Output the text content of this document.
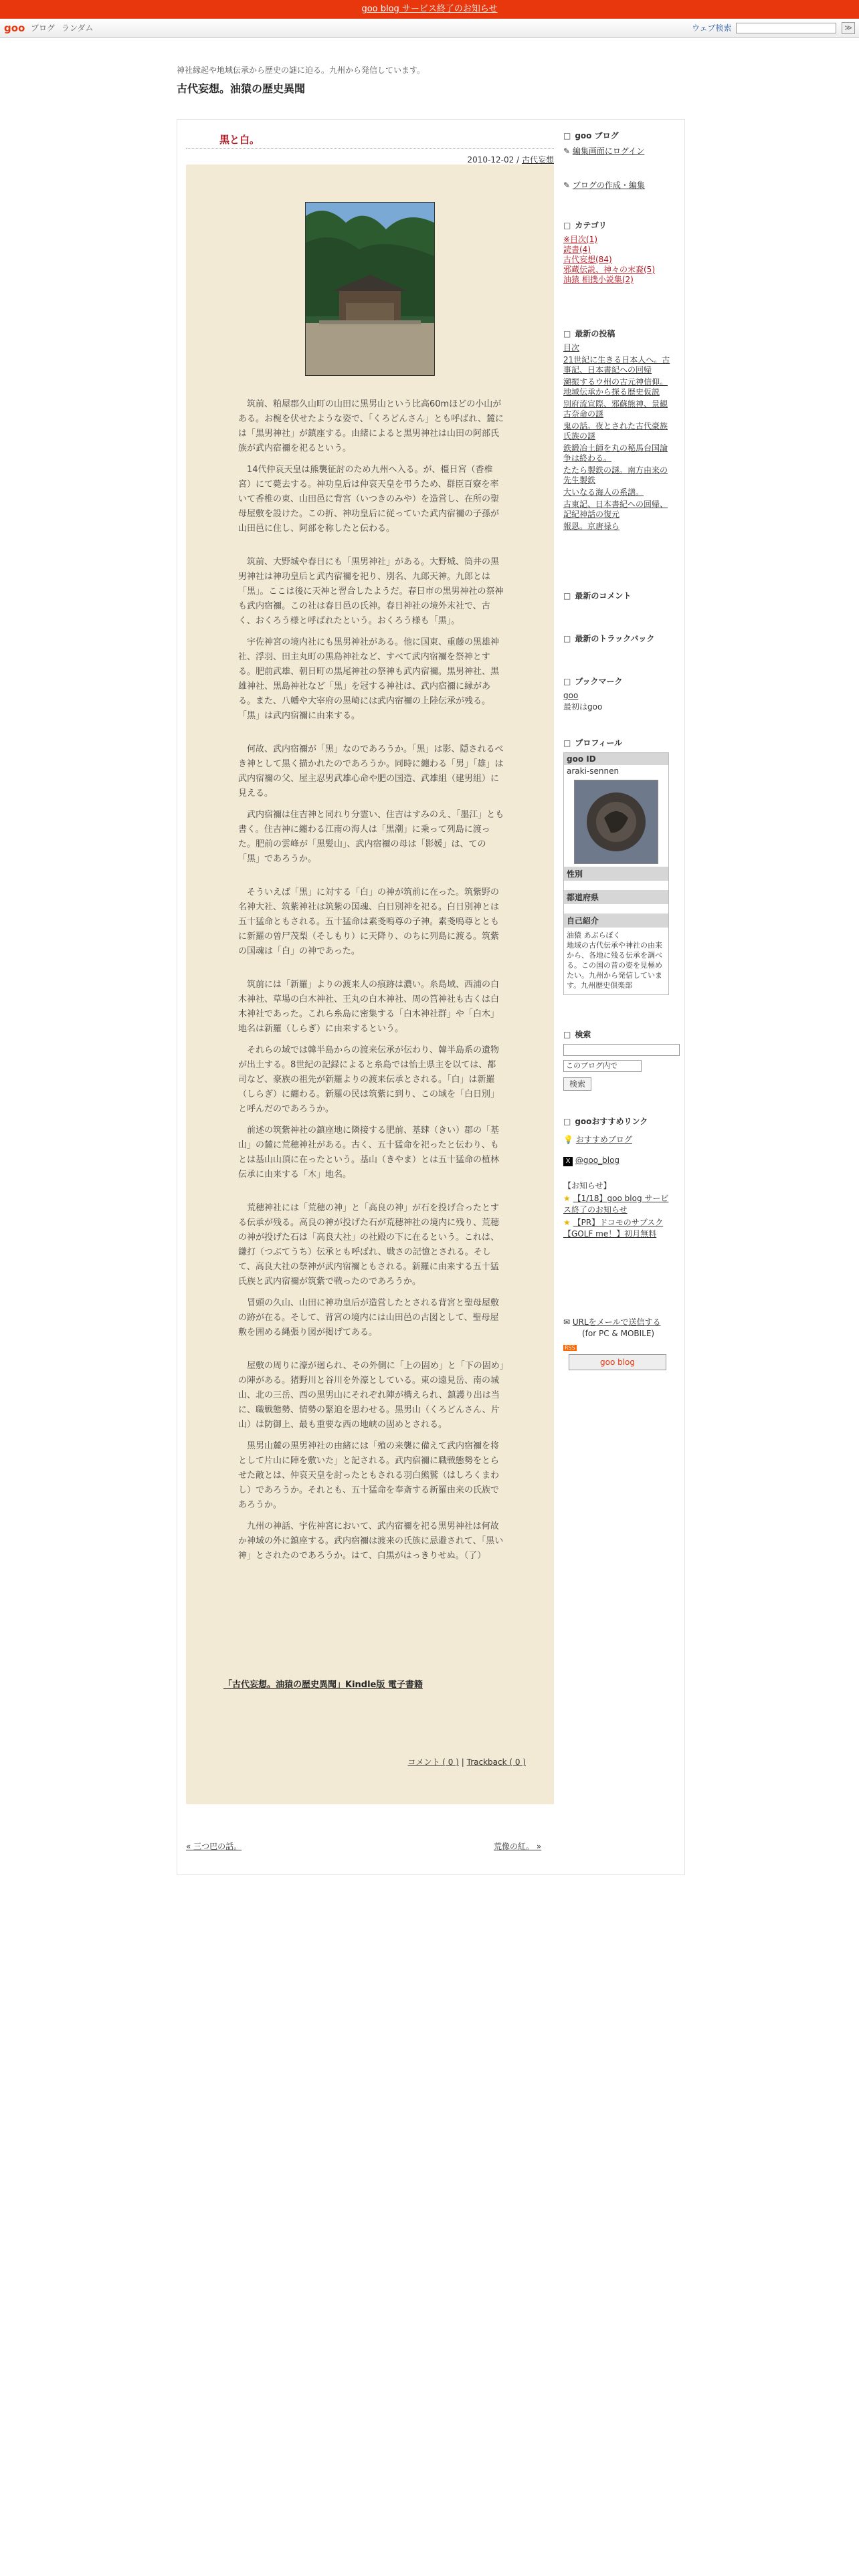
goo blog サービス終了のお知らせ
goo ブログ ランダム	ウェブ検索	≫
神社縁起や地域伝承から歴史の謎に迫る。九州から発信しています。
古代妄想。油猿の歴史異聞
黒と白。
2010-12-02 / 古代妄想

筑前、粕屋郡久山町の山田に黒男山という比高60mほどの小山がある。お椀を伏せたような姿で、「くろどんさん」とも呼ばれ、麓には「黒男神社」が鎮座する。由緒によると黒男神社は山田の阿部氏族が武内宿禰を祀るという。

14代仲哀天皇は熊襲征討のため九州へ入る。が、橿日宮（香椎宮）にて薨去する。神功皇后は仲哀天皇を弔うため、群臣百寮を率いて香椎の東、山田邑に背宮（いつきのみや）を造営し、在所の聖母屋敷を設けた。この折、神功皇后に従っていた武内宿禰の子孫が山田邑に住し、阿部を称したと伝わる。

筑前、大野城や春日にも「黒男神社」がある。大野城、筒井の黒男神社は神功皇后と武内宿禰を祀り、別名、九郎天神。九郎とは「黒」。ここは後に天神と習合したようだ。春日市の黒男神社の祭神も武内宿禰。この社は春日邑の氏神。春日神社の境外末社で、古く、おくろう様と呼ばれたという。おくろう様も「黒」。

宇佐神宮の境内社にも黒男神社がある。他に国東、重藤の黒雄神社、浮羽、田主丸町の黒島神社など、すべて武内宿禰を祭神とする。肥前武雄、朝日町の黒尾神社の祭神も武内宿禰。黒男神社、黒雄神社、黒島神社など「黒」を冠する神社は、武内宿禰に縁がある。また、八幡や大宰府の黒崎には武内宿禰の上陸伝承が残る。「黒」は武内宿禰に由来する。

何故、武内宿禰が「黒」なのであろうか。「黒」は影、隠されるべき神として黒く描かれたのであろうか。同時に纏わる「男」「雄」は武内宿禰の父、屋主忍男武雄心命や肥の国造、武雄組（建男組）に見える。

武内宿禰は住吉神と同れり分霊い、住吉はすみのえ、「墨江」とも書く。住吉神に纏わる江南の海人は「黒潮」に乗って列島に渡った。肥前の雲峰が「黒髪山」、武内宿禰の母は「影媛」は、ての「黒」であろうか。

そういえば「黒」に対する「白」の神が筑前に在った。筑紫野の名神大社、筑紫神社は筑紫の国魂、白日別神を祀る。白日別神とは五十猛命ともされる。五十猛命は素戔鳴尊の子神。素戔鳴尊とともに新羅の曽尸茂梨（そしもり）に天降り、のちに列島に渡る。筑紫の国魂は「白」の神であった。

筑前には「新羅」よりの渡来人の痕跡は濃い。糸島域、西浦の白木神社、草場の白木神社、王丸の白木神社、周の筥神社も古くは白木神社であった。これら糸島に密集する「白木神社群」や「白木」地名は新羅（しらぎ）に由来するという。

それらの域では韓半島からの渡来伝承が伝わり、韓半島系の遺物が出土する。8世紀の記録によると糸島では怡土県主を以ては、都司など、豪族の祖先が新羅よりの渡来伝承とされる。「白」は新羅（しらぎ）に纏わる。新羅の民は筑紫に到り、この域を「白日別」と呼んだのであろうか。

前述の筑紫神社の鎮座地に隣接する肥前、基肆（きい）郡の「基山」の麓に荒穂神社がある。古く、五十猛命を祀ったと伝わり、もとは基山山頂に在ったという。基山（きやま）とは五十猛命の植林伝承に由来する「木」地名。

荒穂神社には「荒穂の神」と「高良の神」が石を投げ合ったとする伝承が残る。高良の神が投げた石が荒穂神社の境内に残り、荒穂の神が投げた石は「高良大社」の社殿の下に在るという。これは、鎌打（つぶてうち）伝承とも呼ばれ、戦さの記憶とされる。そして、高良大社の祭神が武内宿禰ともされる。新羅に由来する五十猛氏族と武内宿禰が筑紫で戦ったのであろうか。

冒頭の久山、山田に神功皇后が造営したとされる背宮と聖母屋敷の跡が在る。そして、背宮の境内には山田邑の古図として、聖母屋敷を囲める縄張り図が掲げてある。

屋敷の周りに濠が廻られ、その外側に「上の固め」と「下の固め」の陣がある。猪野川と谷川を外濠としている。東の遠見岳、南の城山、北の三岳、西の黒男山にそれぞれ陣が構えられ、鎮護り出は当に、職戦態勢、情勢の緊迫を思わせる。黒男山（くろどんさん、片山）は防御上、最も重要な西の地峡の固めとされる。

黒男山麓の黒男神社の由緒には「殖の来襲に備えて武内宿禰を将として片山に陣を敷いた」と記される。武内宿禰に職戦態勢をとらせた敵とは、仲哀天皇を討ったともされる羽白熊鷲（はしろくまわし）であろうか。それとも、五十猛命を奉斎する新羅由来の氏族であろうか。

九州の神話、宇佐神宮において、武内宿禰を祀る黒男神社は何故か神域の外に鎮座する。武内宿禰は渡来の氏族に忌避されて、「黒い神」とされたのであろうか。はて、白黒がはっきりせぬ。（了）

「古代妄想。油猿の歴史異聞」Kindle版 電子書籍
コメント ( 0 ) | Trackback ( 0 )
« 三つ巴の話。	荒像の紅。 »
□ goo ブログ
✎ 編集画面にログイン
✎ ブログの作成・編集
□ カテゴリ
※目次(1)
読書(4)
古代妄想(84)
邪蔵伝説、神々の末裔(5)
油猿 相撲小説集(2)
□ 最新の投稿
目次
21世紀に生きる日本人へ。古事記、日本書紀への回帰
瀬振するウ州の古元神信仰。地域伝承から探る歴史仮説
別府流宣際、邪蘇熊神、景観古奈命の謎
鬼の話。夜とされた古代豪族氏族の謎
鉄鍛冶土師を丸の秘馬台国論争は終わる。
たたら製鉄の謎。南方由来の先生製鉄
大いなる海人の系譜。
古東記、日本書紀への回帰、記紀神話の復元
報恩。京唐禄ら
□ 最新のコメント
□ 最新のトラックバック
□ ブックマーク
goo
最初はgoo
□ プロフィール
goo ID
araki-sennen
性別
都道府県
自己紹介
油猿 あぶらぼく
地域の古代伝承や神社の由来から、各地に残る伝承を調べる。この国の昔の姿を見極めたい。九州から発信しています。九州歴史倶楽部
□ 検索
このブログ内で
検索
□ gooおすすめリンク
💡 おすすめブログ
X @goo_blog
【お知らせ】
★ 【1/18】goo blog サービス終了のお知らせ
★ 【PR】ドコモのサブスク【GOLF me！】初月無料
✉ URLをメールで送信する
(for PC & MOBILE)
RSS
goo blog
